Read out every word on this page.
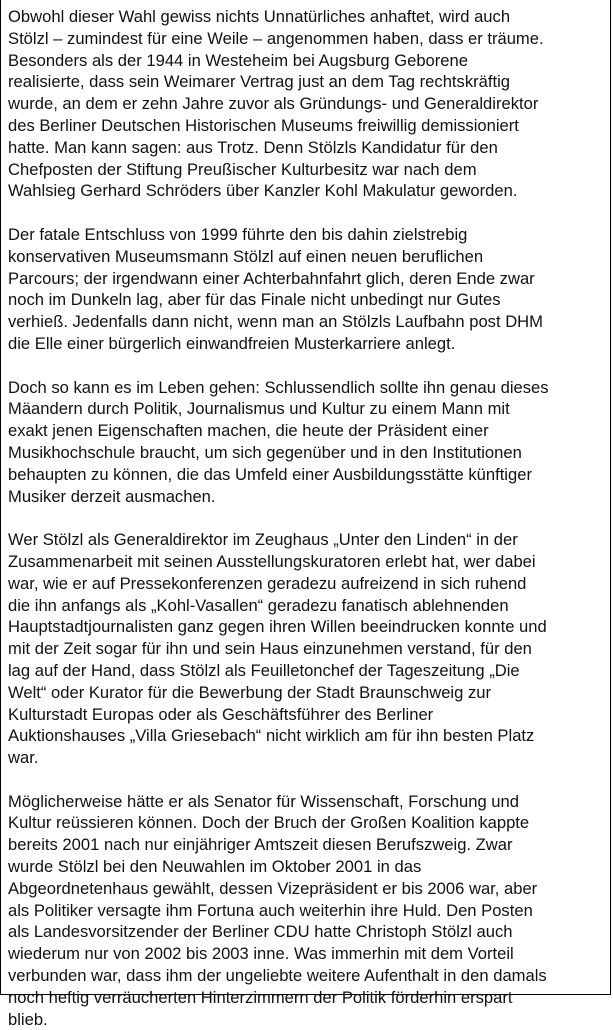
Obwohl dieser Wahl gewiss nichts Unnatürliches anhaftet, wird auch
Stölzl – zumindest für eine Weile – angenommen haben, dass er träume.
Besonders als der 1944 in Westeheim bei Augsburg Geborene
realisierte, dass sein Weimarer Vertrag just an dem Tag rechtskräftig
wurde, an dem er zehn Jahre zuvor als Gründungs- und Generaldirektor
des Berliner Deutschen Historischen Museums freiwillig demissioniert
hatte. Man kann sagen: aus Trotz. Denn Stölzls Kandidatur für den
Chefposten der Stiftung Preußischer Kulturbesitz war nach dem
Wahlsieg Gerhard Schröders über Kanzler Kohl Makulatur geworden.
Der fatale Entschluss von 1999 führte den bis dahin zielstrebig
konservativen Museumsmann Stölzl auf einen neuen beruflichen
Parcours; der irgendwann einer Achterbahnfahrt glich, deren Ende zwar
noch im Dunkeln lag, aber für das Finale nicht unbedingt nur Gutes
verhieß. Jedenfalls dann nicht, wenn man an Stölzls Laufbahn post DHM
die Elle einer bürgerlich einwandfreien Musterkarriere anlegt.
Doch so kann es im Leben gehen: Schlussendlich sollte ihn genau dieses
Mäandern durch Politik, Journalismus und Kultur zu einem Mann mit
exakt jenen Eigenschaften machen, die heute der Präsident einer
Musikhochschule braucht, um sich gegenüber und in den Institutionen
behaupten zu können, die das Umfeld einer Ausbildungsstätte künftiger
Musiker derzeit ausmachen.
Wer Stölzl als Generaldirektor im Zeughaus „Unter den Linden“ in der
Zusammenarbeit mit seinen Ausstellungskuratoren erlebt hat, wer dabei
war, wie er auf Pressekonferenzen geradezu aufreizend in sich ruhend
die ihn anfangs als „Kohl-Vasallen“ geradezu fanatisch ablehnenden
Hauptstadtjournalisten ganz gegen ihren Willen beeindrucken konnte und
mit der Zeit sogar für ihn und sein Haus einzunehmen verstand, für den
lag auf der Hand, dass Stölzl als Feuilletonchef der Tageszeitung „Die
Welt“ oder Kurator für die Bewerbung der Stadt Braunschweig zur
Kulturstadt Europas oder als Geschäftsführer des Berliner
Auktionshauses „Villa Griesebach“ nicht wirklich am für ihn besten Platz
war.
Möglicherweise hätte er als Senator für Wissenschaft, Forschung und
Kultur reüssieren können. Doch der Bruch der Großen Koalition kappte
bereits 2001 nach nur einjähriger Amtszeit diesen Berufszweig. Zwar
wurde Stölzl bei den Neuwahlen im Oktober 2001 in das
Abgeordnetenhaus gewählt, dessen Vizepräsident er bis 2006 war, aber
als Politiker versagte ihm Fortuna auch weiterhin ihre Huld. Den Posten
als Landesvorsitzender der Berliner CDU hatte Christoph Stölzl auch
wiederum nur von 2002 bis 2003 inne. Was immerhin mit dem Vorteil
verbunden war, dass ihm der ungeliebte weitere Aufenthalt in den damals
noch heftig verräucherten Hinterzimmern der Politik förderhin erspart
blieb.
